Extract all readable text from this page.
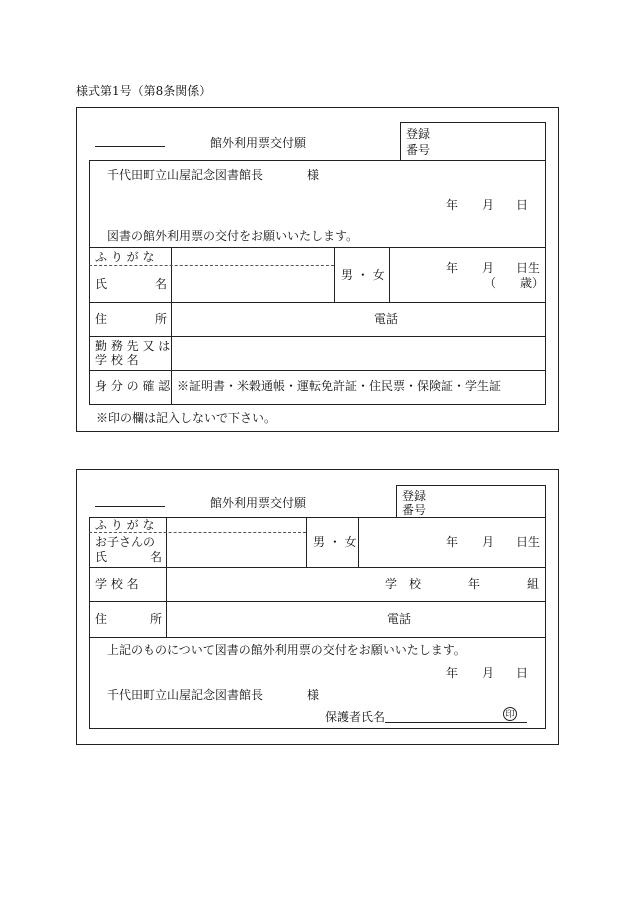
様式第1号（第8条関係）
館外利用票交付願
登録
番号
千代田町立山屋記念図書館長	様
年 月 日
図書の館外利用票の交付をお願いいたします。
ふ り が な
氏	名
男 ・ 女	年 月 日生
（ 歳）
住	所	電話
勤 務 先 又 は
学 校 名
身 分 の 確 認 ※証明書・米穀通帳・運転免許証・住民票・保険証・学生証
※印の欄は記入しないで下さい。
館外利用票交付願	登録
番号
ふ り が な
お子さんの
氏	名
男 ・ 女	年 月 日生
学 校 名	学　校	年	組
住	所	電話
上記のものについて図書の館外利用票の交付をお願いいたします。
年 月 日
千代田町立山屋記念図書館長	様
保護者氏名	印
